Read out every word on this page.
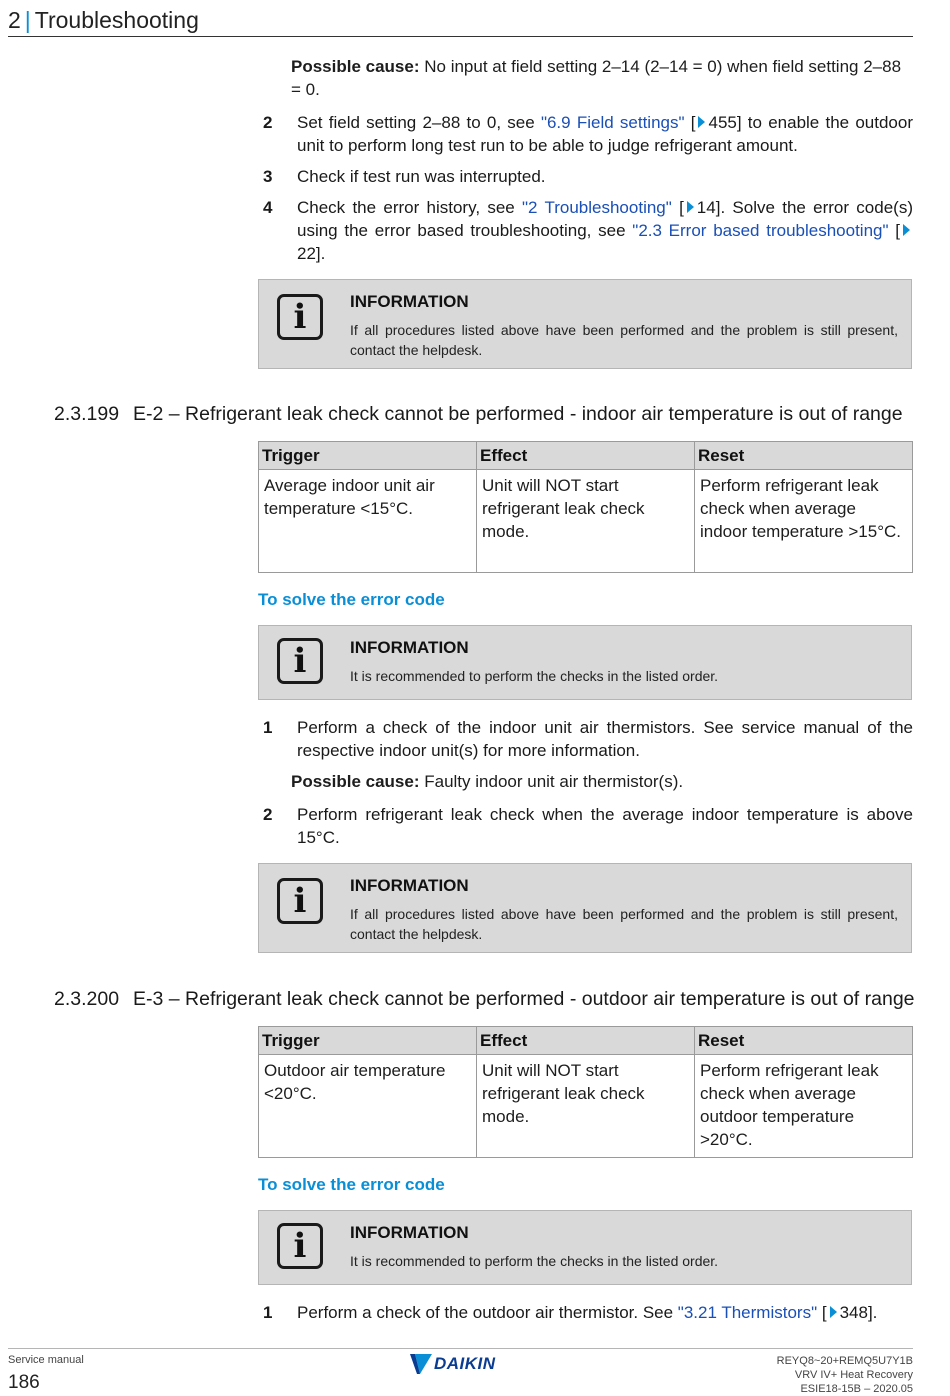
2 | Troubleshooting
Possible cause: No input at field setting 2–14 (2–14 = 0) when field setting 2–88 = 0.
2	Set field setting 2–88 to 0, see "6.9 Field settings" [ 455] to enable the outdoor unit to perform long test run to be able to judge refrigerant amount.
3	Check if test run was interrupted.
4	Check the error history, see "2 Troubleshooting" [ 14]. Solve the error code(s) using the error based troubleshooting, see "2.3 Error based troubleshooting" [22].
i	INFORMATION
If all procedures listed above have been performed and the problem is still present, contact the helpdesk.
2.3.199 E-2 – Refrigerant leak check cannot be performed - indoor air temperature is out of range
Trigger	Effect	Reset
Average indoor unit air temperature <15°C.	Unit will NOT start refrigerant leak check mode.	Perform refrigerant leak check when average indoor temperature >15°C.
To solve the error code
i	INFORMATION
It is recommended to perform the checks in the listed order.
1	Perform a check of the indoor unit air thermistors. See service manual of the respective indoor unit(s) for more information.
Possible cause: Faulty indoor unit air thermistor(s).
2	Perform refrigerant leak check when the average indoor temperature is above 15°C.
i	INFORMATION
If all procedures listed above have been performed and the problem is still present, contact the helpdesk.
2.3.200 E-3 – Refrigerant leak check cannot be performed - outdoor air temperature is out of range
Trigger	Effect	Reset
Outdoor air temperature <20°C.	Unit will NOT start refrigerant leak check mode.	Perform refrigerant leak check when average outdoor temperature >20°C.
To solve the error code
i	INFORMATION
It is recommended to perform the checks in the listed order.
1	Perform a check of the outdoor air thermistor. See "3.21 Thermistors" [ 348].
Service manual
186
DAIKIN	REYQ8~20+REMQ5U7Y1B
VRV IV+ Heat Recovery
ESIE18-15B – 2020.05
